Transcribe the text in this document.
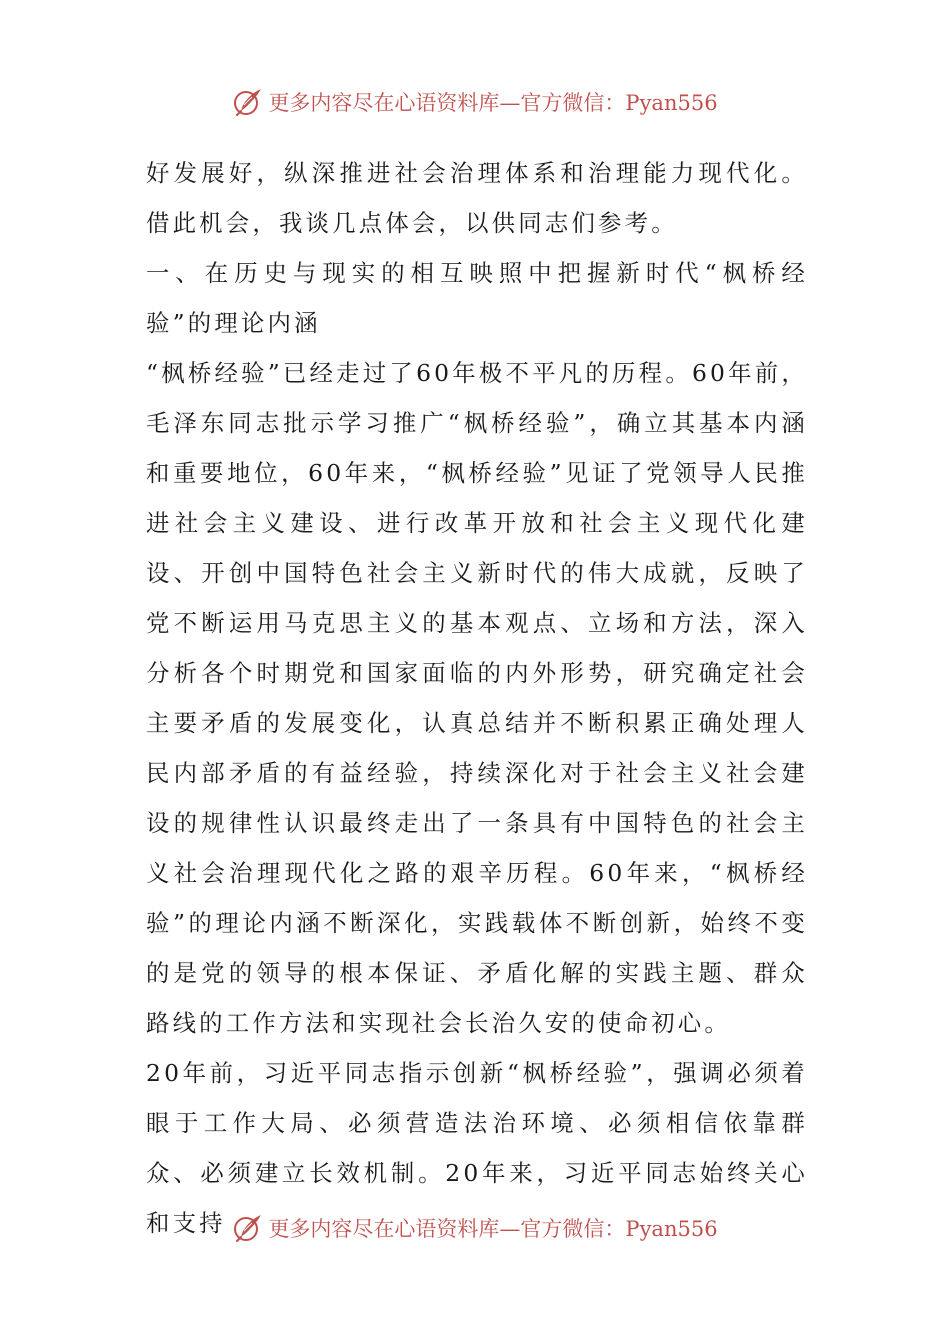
更多内容尽在心语资料库—官方微信：Pyan556

好发展好，纵深推进社会治理体系和治理能力现代化。借此机会，我谈几点体会，以供同志们参考。

一、在历史与现实的相互映照中把握新时代“枫桥经验”的理论内涵

“枫桥经验”已经走过了60年极不平凡的历程。60年前，毛泽东同志批示学习推广“枫桥经验”，确立其基本内涵和重要地位，60年来，“枫桥经验”见证了党领导人民推进社会主义建设、进行改革开放和社会主义现代化建设、开创中国特色社会主义新时代的伟大成就，反映了党不断运用马克思主义的基本观点、立场和方法，深入分析各个时期党和国家面临的内外形势，研究确定社会主要矛盾的发展变化，认真总结并不断积累正确处理人民内部矛盾的有益经验，持续深化对于社会主义社会建设的规律性认识最终走出了一条具有中国特色的社会主义社会治理现代化之路的艰辛历程。60年来，“枫桥经验”的理论内涵不断深化，实践载体不断创新，始终不变的是党的领导的根本保证、矛盾化解的实践主题、群众路线的工作方法和实现社会长治久安的使命初心。

20年前，习近平同志指示创新“枫桥经验”，强调必须着眼于工作大局、必须营造法治环境、必须相信依靠群众、必须建立长效机制。20年来，习近平同志始终关心和支持	更多内容尽在心语资料库—官方微信：Pyan556
